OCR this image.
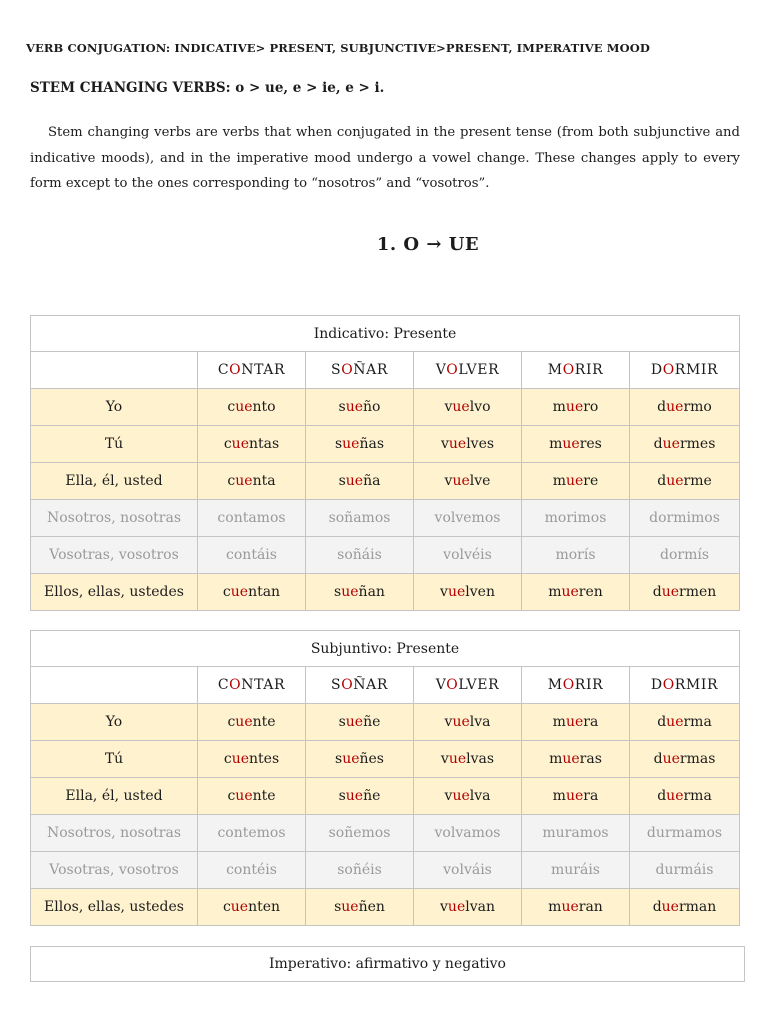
VERB CONJUGATION: INDICATIVE> PRESENT, SUBJUNCTIVE>PRESENT, IMPERATIVE MOOD
STEM CHANGING VERBS: o > ue, e > ie, e > i.

Stem changing verbs are verbs that when conjugated in the present tense (from both subjunctive and indicative moods), and in the imperative mood undergo a vowel change. These changes apply to every form except to the ones corresponding to “nosotros” and “vosotros”.

1. O → UE
Indicativo: Presente					
	CONTAR	SOÑAR	VOLVER	MORIR	DORMIR
Yo	cuento	sueño	vuelvo	muero	duermo
Tú	cuentas	sueñas	vuelves	mueres	duermes
Ella, él, usted	cuenta	sueña	vuelve	muere	duerme
Nosotros, nosotras	contamos	soñamos	volvemos	morimos	dormimos
Vosotras, vosotros	contáis	soñáis	volvéis	morís	dormís
Ellos, ellas, ustedes	cuentan	sueñan	vuelven	mueren	duermen
Subjuntivo: Presente					
	CONTAR	SOÑAR	VOLVER	MORIR	DORMIR
Yo	cuente	sueñe	vuelva	muera	duerma
Tú	cuentes	sueñes	vuelvas	mueras	duermas
Ella, él, usted	cuente	sueñe	vuelva	muera	duerma
Nosotros, nosotras	contemos	soñemos	volvamos	muramos	durmamos
Vosotras, vosotros	contéis	soñéis	volváis	muráis	durmáis
Ellos, ellas, ustedes	cuenten	sueñen	vuelvan	mueran	duerman
Imperativo: afirmativo y negativo
